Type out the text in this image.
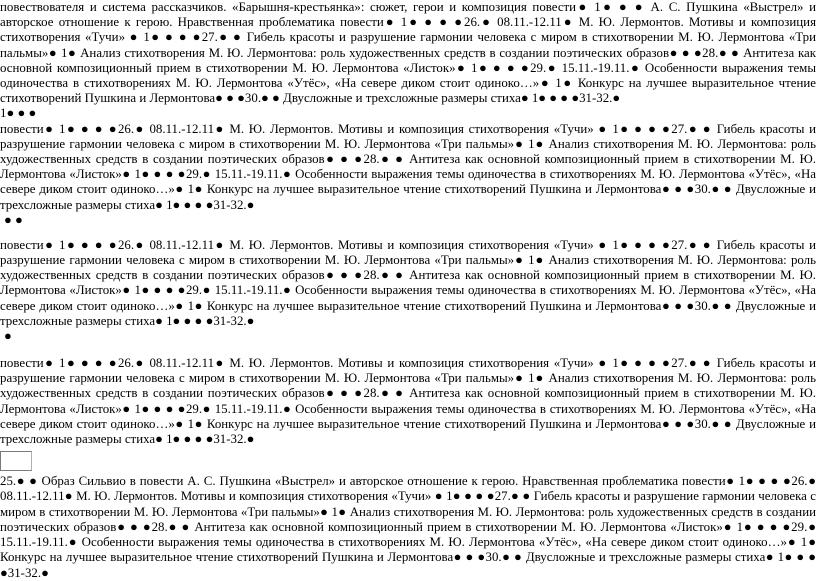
повествователя и система рассказчиков. «Барышня-крестьянка»: сюжет, герои и композиция повести● 1● ● ● А. С. Пушкина «Выстрел» и авторское отношение к герою. Нравственная проблематика повести● 1● ● ● ●26.● 08.11.-12.11● М. Ю. Лермонтов. Мотивы и композиция стихотворения «Тучи» ● 1● ● ● ●27.● ● Гибель красоты и разрушение гармонии человека с миром в стихотворении М. Ю. Лермонтова «Три пальмы»● 1● Анализ стихотворения М. Ю. Лермонтова: роль художественных средств в создании поэтических образов● ● ●28.● ● Антитеза как основной композиционный прием в стихотворении М. Ю. Лермонтова «Листок»● 1● ● ● ●29.● 15.11.-19.11.● Особенности выражения темы одиночества в стихотворениях М. Ю. Лермонтова «Утёс», «На севере диком стоит одиноко…»● 1● Конкурс на лучшее выразительное чтение стихотворений Пушкина и Лермонтова● ● ●30.● ● Двусложные и трехсложные размеры стиха● 1● ● ● ●31-32.●

1● ● ●

повести● 1● ● ● ●26.● 08.11.-12.11● М. Ю. Лермонтов. Мотивы и композиция стихотворения «Тучи» ● 1● ● ● ●27.● ● Гибель красоты и разрушение гармонии человека с миром в стихотворении М. Ю. Лермонтова «Три пальмы»● 1● Анализ стихотворения М. Ю. Лермонтова: роль художественных средств в создании поэтических образов● ● ●28.● ● Антитеза как основной композиционный прием в стихотворении М. Ю. Лермонтова «Листок»● 1● ● ● ●29.● 15.11.-19.11.● Особенности выражения темы одиночества в стихотворениях М. Ю. Лермонтова «Утёс», «На севере диком стоит одиноко…»● 1● Конкурс на лучшее выразительное чтение стихотворений Пушкина и Лермонтова● ● ●30.● ● Двусложные и трехсложные размеры стиха● 1● ● ● ●31-32.●

● ●

повести● 1● ● ● ●26.● 08.11.-12.11● М. Ю. Лермонтов. Мотивы и композиция стихотворения «Тучи» ● 1● ● ● ●27.● ● Гибель красоты и разрушение гармонии человека с миром в стихотворении М. Ю. Лермонтова «Три пальмы»● 1● Анализ стихотворения М. Ю. Лермонтова: роль художественных средств в создании поэтических образов● ● ●28.● ● Антитеза как основной композиционный прием в стихотворении М. Ю. Лермонтова «Листок»● 1● ● ● ●29.● 15.11.-19.11.● Особенности выражения темы одиночества в стихотворениях М. Ю. Лермонтова «Утёс», «На севере диком стоит одиноко…»● 1● Конкурс на лучшее выразительное чтение стихотворений Пушкина и Лермонтова● ● ●30.● ● Двусложные и трехсложные размеры стиха● 1● ● ● ●31-32.●

●

повести● 1● ● ● ●26.● 08.11.-12.11● М. Ю. Лермонтов. Мотивы и композиция стихотворения «Тучи» ● 1● ● ● ●27.● ● Гибель красоты и разрушение гармонии человека с миром в стихотворении М. Ю. Лермонтова «Три пальмы»● 1● Анализ стихотворения М. Ю. Лермонтова: роль художественных средств в создании поэтических образов● ● ●28.● ● Антитеза как основной композиционный прием в стихотворении М. Ю. Лермонтова «Листок»● 1● ● ● ●29.● 15.11.-19.11.● Особенности выражения темы одиночества в стихотворениях М. Ю. Лермонтова «Утёс», «На севере диком стоит одиноко…»● 1● Конкурс на лучшее выразительное чтение стихотворений Пушкина и Лермонтова● ● ●30.● ● Двусложные и трехсложные размеры стиха● 1● ● ● ●31-32.●

25.● ● Образ Сильвио в повести А. С. Пушкина «Выстрел» и авторское отношение к герою. Нравственная проблематика повести● 1● ● ● ●26.● 08.11.-12.11● М. Ю. Лермонтов. Мотивы и композиция стихотворения «Тучи» ● 1● ● ● ●27.● ● Гибель красоты и разрушение гармонии человека с миром в стихотворении М. Ю. Лермонтова «Три пальмы»● 1● Анализ стихотворения М. Ю. Лермонтова: роль художественных средств в создании поэтических образов● ● ●28.● ● Антитеза как основной композиционный прием в стихотворении М. Ю. Лермонтова «Листок»● 1● ● ● ●29.● 15.11.-19.11.● Особенности выражения темы одиночества в стихотворениях М. Ю. Лермонтова «Утёс», «На севере диком стоит одиноко…»● 1● Конкурс на лучшее выразительное чтение стихотворений Пушкина и Лермонтова● ● ●30.● ● Двусложные и трехсложные размеры стиха● 1● ● ● ●31-32.●
